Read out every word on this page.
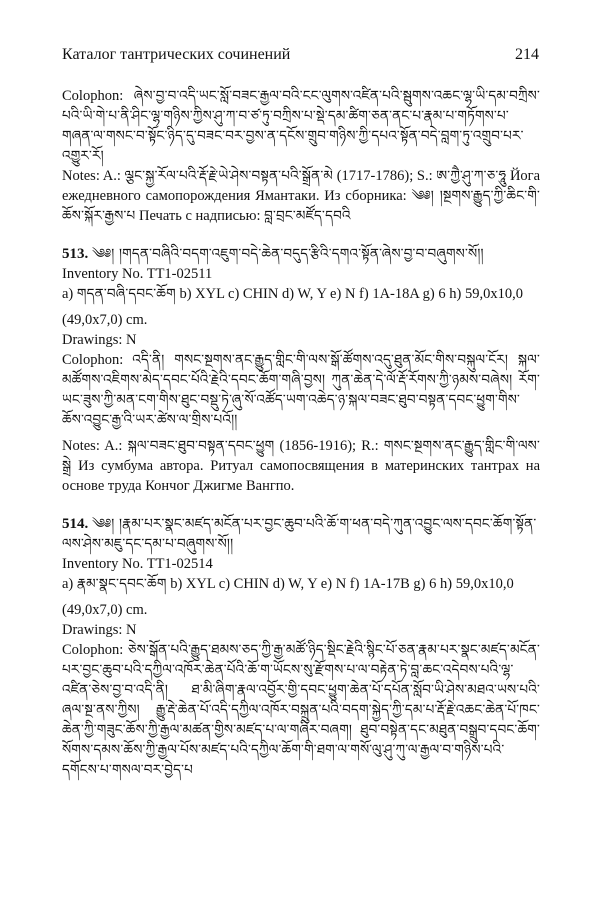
Каталог тантрических сочинений	214

Colophon: ཞེས་བྱ་བ་འདི་ཡང་སློ་བཟང་རྒྱལ་བའི་ངང་ལུགས་འཛིན་པའི་སྦུགས་འཆང་ལྷ་ཡི་དམ་བཀྲིས་པའི་ཡི་གེ་པ་ནི་ཤིང་ལྷ་གཉིས་ཀྱིས་ཤུ་ཀ་བ་ཙ་ཏུ་བཀྲིས་པ་སྡེ་དམ་ཚིག་ཅན་ནང་པ་རྣམ་པ་གཏོགས་པ་གཞན་ལ་གསང་བ་སྟོང་ཉིད་དུ་བཟང་བར་བྱས་ན་དངོས་གྲུབ་གཉིས་ཀྱི་དཔའ་སྟོན་བདེ་བླག་ཏུ་འགྲུབ་པར་འགྱུར་རོ།

Notes: A.: ལྕང་སྐྱ་རོལ་པའི་རྡོ་རྗེ་ཡེ་ཤེས་བསྟན་པའི་སྒྲོན་མེ (1717-1786); S.: ཨ་ཀྱཻ་ཤུ་ཀ་ཅ་ཧཱུ Йога ежедневного самопорождения Ямантаки. Из сборника: ༄༅། །སྔགས་རྒྱུད་ཀྱི་ཆིང་གི་ཆོས་སྐོར་རྒྱས་པ Печать с надписью: བླ་བྲང་མཛོད་དབའི

513. ༄༅། །གདན་བཞིའི་བདག་འཇུག་བདེ་ཆེན་བདུད་རྩིའི་དགའ་སྟོན་ཞེས་བྱ་བ་བཞུགས་སོ།།

Inventory No. TT1-02511

a) གདན་བཞི་དབང་ཆོག b) XYL c) CHIN d) W, Y e) N f) 1A-18A g) 6 h) 59,0x10,0

(49,0x7,0) cm.

Drawings: N

Colophon: འདི་ནི། གསང་སྔགས་ནང་རྒྱུད་གླིང་གི་ལས་སྒོ་ཚོགས་འདུ་ཐུན་མོང་གིས་བསྐུལ་ངོར། སྐལ་མཚོགས་འཇིགས་མེད་དབང་པོའི་རྗེའི་དབང་ཆོག་གཞི་བྱས། ཀུན་ཆེན་དེ་ལོ་རྡོ་རོགས་ཀྱི་ཉམས་བཞེས། རོག་ཡང་ཟུས་ཀྱི་མན་ངག་གིས་ཐུང་བསྡུ་ཏེ་ཞུ་སོ་འཚོད་ཡག་འཆེད་ཉ་སྐལ་བཟང་ཐུབ་བསྟན་དབང་ཕྱུག་གིས་ཆོས་འབྱུང་རྒྱ་འི་ཡར་ཚེས་ལ་གྲིས་པའོ།།

Notes: A.: སྐལ་བཟང་ཐུབ་བསྟན་དབང་ཕྱུག (1856-1916); R.: གསང་སྔགས་ནང་རྒྱུད་གླིང་གི་ལས་སྒྲེ Из сумбума автора. Ритуал самопосвящения в материнских тантрах на основе труда Кончог Джигме Вангпо.

514. ༄༅། །རྣམ་པར་སྣང་མཛད་མངོན་པར་བྱང་ཆུབ་པའི་ཆོ་ག་ཕན་བདེ་ཀུན་འབྱུང་ལས་དབང་ཆོག་སྟོན་ལས་ཤེས་མཇུ་དང་དམ་པ་བཞུགས་སོ།།

Inventory No. TT1-02514

a) རྣམ་སྣང་དབང་ཆོག b) XYL c) CHIN d) W, Y e) N f) 1A-17B g) 6 h) 59,0x10,0

(49,0x7,0) cm.

Drawings: N

Colophon: ཅེས་སྒོན་པའི་རྒྱུད་ཐམས་ཅད་ཀྱི་རྒྱ་མཚོ་ཉིད་སྡིང་རྗེའི་སྙིང་པོ་ཅན་རྣམ་པར་སྣང་མཛད་མངོན་པར་བྱང་ཆུབ་པའི་དཀྱིལ་འཁོར་ཆེན་པོའི་ཆོ་ག་ཡོངས་སུ་རྫོགས་པ་ལ་བརྟེན་ཏེ་བླ་ཆང་འདེབས་པའི་ལྷ་འཛིན་ཅེས་བྱ་བ་འདི་ནི། ཐ་མི་ཞིག་རྣལ་འབྱོར་གྱི་དབང་ཕྱུག་ཆེན་པོ་དཔོན་སློབ་ཡི་ཤེས་མཐའ་ཡས་པའི་ཞལ་སྔ་ནས་ཀྱིས། རྒྱུ་རྡེ་ཆེན་པོ་འདི་དཀྱིལ་འཁོར་བསྐྲུན་པའི་བདག་སྐྱེད་ཀྱི་དམ་པ་རྡོ་རྗེ་འཆང་ཆེན་པོ་ཁང་ཆེན་ཀྱི་གཟུང་ཆོས་ཀྱི་རྒྱལ་མཚན་གྱིས་མཛད་པ་ལ་གཞིར་བཞག། ཐུབ་བསྟེན་དང་མཐུན་བསྒྲུབ་དབང་ཆོག་སོགས་དམས་ཆོས་ཀྱི་རྒྱལ་པོས་མཛད་པའི་དཀྱིལ་ཆོག་གི་ཐག་ལ་གསོ་ལུ་ཤུ་ཀུ་ལ་རྒྱལ་བ་གཉིས་པའི་དགོངས་པ་གསལ་བར་བྱེད་པ
